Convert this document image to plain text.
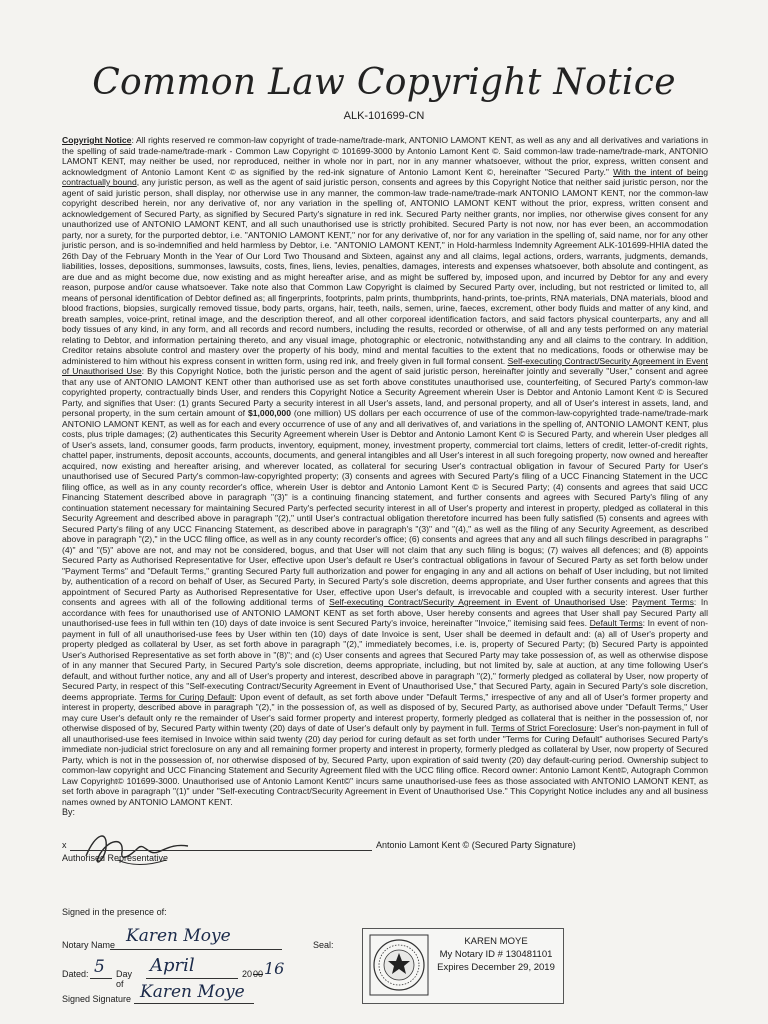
Common Law Copyright Notice
ALK-101699-CN
Copyright Notice: All rights reserved re common-law copyright of trade-name/trade-mark, ANTONIO LAMONT KENT, as well as any and all derivatives and variations in the spelling of said trade-name/trade-mark - Common Law Copyright © 101699-3000 by Antonio Lamont Kent ©. Said common-law trade-name/trade-mark, ANTONIO LAMONT KENT, may neither be used, nor reproduced, neither in whole nor in part, nor in any manner whatsoever, without the prior, express, written consent and acknowledgment of Antonio Lamont Kent © as signified by the red-ink signature of Antonio Lamont Kent ©, hereinafter "Secured Party." With the intent of being contractually bound, any juristic person, as well as the agent of said juristic person, consents and agrees by this Copyright Notice that neither said juristic person, nor the agent of said juristic person, shall display, nor otherwise use in any manner, the common-law trade-name/trade-mark ANTONIO LAMONT KENT, nor the common-law copyright described herein, nor any derivative of, nor any variation in the spelling of, ANTONIO LAMONT KENT without the prior, express, written consent and acknowledgement of Secured Party, as signified by Secured Party's signature in red ink. Secured Party neither grants, nor implies, nor otherwise gives consent for any unauthorized use of ANTONIO LAMONT KENT, and all such unauthorised use is strictly prohibited. Secured Party is not now, nor has ever been, an accommodation party, nor a surety, for the purported debtor, i.e. "ANTONIO LAMONT KENT," nor for any derivative of, nor for any variation in the spelling of, said name, nor for any other juristic person, and is so-indemnified and held harmless by Debtor, i.e. "ANTONIO LAMONT KENT," in Hold-harmless Indemnity Agreement ALK-101699-HHIA dated the 26th Day of the February Month in the Year of Our Lord Two Thousand and Sixteen, against any and all claims, legal actions, orders, warrants, judgments, demands, liabilities, losses, depositions, summonses, lawsuits, costs, fines, liens, levies, penalties, damages, interests and expenses whatsoever, both absolute and contingent, as are due and as might become due, now existing and as might hereafter arise, and as might be suffered by, imposed upon, and incurred by Debtor for any and every reason, purpose and/or cause whatsoever. Take note also that Common Law Copyright is claimed by Secured Party over, including, but not restricted or limited to, all means of personal identification of Debtor defined as; all fingerprints, footprints, palm prints, thumbprints, hand-prints, toe-prints, RNA materials, DNA materials, blood and blood fractions, biopsies, surgically removed tissue, body parts, organs, hair, teeth, nails, semen, urine, faeces, excrement, other body fluids and matter of any kind, and breath samples, voice-print, retinal image, and the description thereof, and all other corporeal identification factors, and said factors physical counterparts, any and all body tissues of any kind, in any form, and all records and record numbers, including the results, recorded or otherwise, of all and any tests performed on any material relating to Debtor, and information pertaining thereto, and any visual image, photographic or electronic, notwithstanding any and all claims to the contrary. In addition, Creditor retains absolute control and mastery over the property of his body, mind and mental faculties to the extent that no medications, foods or otherwise may be administered to him without his express consent in written form, using red ink, and freely given in full formal consent. Self-executing Contract/Security Agreement in Event of Unauthorised Use: By this Copyright Notice, both the juristic person and the agent of said juristic person, hereinafter jointly and severally "User," consent and agree that any use of ANTONIO LAMONT KENT other than authorised use as set forth above constitutes unauthorised use, counterfeiting, of Secured Party's common-law copyrighted property, contractually binds User, and renders this Copyright Notice a Security Agreement wherein User is Debtor and Antonio Lamont Kent © is Secured Party, and signifies that User: (1) grants Secured Party a security interest in all User's assets, land, and personal property, and all of User's interest in assets, land, and personal property, in the sum certain amount of $1,000,000 (one million) US dollars per each occurrence of use of the common-law-copyrighted trade-name/trade-mark ANTONIO LAMONT KENT, as well as for each and every occurrence of use of any and all derivatives of, and variations in the spelling of, ANTONIO LAMONT KENT, plus costs, plus triple damages; (2) authenticates this Security Agreement wherein User is Debtor and Antonio Lamont Kent © is Secured Party, and wherein User pledges all of User's assets, land, consumer goods, farm products, inventory, equipment, money, investment property, commercial tort claims, letters of credit, letter-of-credit rights, chattel paper, instruments, deposit accounts, accounts, documents, and general intangibles and all User's interest in all such foregoing property, now owned and hereafter acquired, now existing and hereafter arising, and wherever located, as collateral for securing User's contractual obligation in favour of Secured Party for User's unauthorised use of Secured Party's common-law-copyrighted property; (3) consents and agrees with Secured Party's filing of a UCC Financing Statement in the UCC filing office, as well as in any county recorder's office, wherein User is debtor and Antonio Lamont Kent © is Secured Party; (4) consents and agrees that said UCC Financing Statement described above in paragraph "(3)" is a continuing financing statement, and further consents and agrees with Secured Party's filing of any continuation statement necessary for maintaining Secured Party's perfected security interest in all of User's property and interest in property, pledged as collateral in this Security Agreement and described above in paragraph "(2)," until User's contractual obligation theretofore incurred has been fully satisfied (5) consents and agrees with Secured Party's filing of any UCC Financing Statement, as described above in paragraph's "(3)" and "(4)," as well as the filing of any Security Agreement, as described above in paragraph "(2)," in the UCC filing office, as well as in any county recorder's office; (6) consents and agrees that any and all such filings described in paragraphs "(4)" and "(5)" above are not, and may not be considered, bogus, and that User will not claim that any such filing is bogus; (7) waives all defences; and (8) appoints Secured Party as Authorised Representative for User, effective upon User's default re User's contractual obligations in favour of Secured Party as set forth below under "Payment Terms" and "Default Terms," granting Secured Party full authorization and power for engaging in any and all actions on behalf of User including, but not limited by, authentication of a record on behalf of User, as Secured Party, in Secured Party's sole discretion, deems appropriate, and User further consents and agrees that this appointment of Secured Party as Authorised Representative for User, effective upon User's default, is irrevocable and coupled with a security interest. User further consents and agrees with all of the following additional terms of Self-executing Contract/Security Agreement in Event of Unauthorised Use: Payment Terms: In accordance with fees for unauthorised use of ANTONIO LAMONT KENT as set forth above, User hereby consents and agrees that User shall pay Secured Party all unauthorised-use fees in full within ten (10) days of date invoice is sent Secured Party's invoice, hereinafter "Invoice," itemising said fees. Default Terms: In event of non-payment in full of all unauthorised-use fees by User within ten (10) days of date Invoice is sent, User shall be deemed in default and: (a) all of User's property and property pledged as collateral by User, as set forth above in paragraph "(2)," immediately becomes, i.e. is, property of Secured Party; (b) Secured Party is appointed User's Authorised Representative as set forth above in "(8)"; and (c) User consents and agrees that Secured Party may take possession of, as well as otherwise dispose of in any manner that Secured Party, in Secured Party's sole discretion, deems appropriate, including, but not limited by, sale at auction, at any time following User's default, and without further notice, any and all of User's property and interest, described above in paragraph "(2)," formerly pledged as collateral by User, now property of Secured Party, in respect of this "Self-executing Contract/Security Agreement in Event of Unauthorised Use," that Secured Party, again in Secured Party's sole discretion, deems appropriate. Terms for Curing Default: Upon event of default, as set forth above under "Default Terms," irrespective of any and all of User's former property and interest in property, described above in paragraph "(2)," in the possession of, as well as disposed of by, Secured Party, as authorised above under "Default Terms," User may cure User's default only re the remainder of User's said former property and interest property, formerly pledged as collateral that is neither in the possession of, nor otherwise disposed of by, Secured Party within twenty (20) days of date of User's default only by payment in full. Terms of Strict Foreclosure: User's non-payment in full of all unauthorised-use fees itemised in Invoice within said twenty (20) day period for curing default as set forth under "Terms for Curing Default" authorises Secured Party's immediate non-judicial strict foreclosure on any and all remaining former property and interest in property, formerly pledged as collateral by User, now property of Secured Party, which is not in the possession of, nor otherwise disposed of by, Secured Party, upon expiration of said twenty (20) day default-curing period. Ownership subject to common-law copyright and UCC Financing Statement and Security Agreement filed with the UCC filing office. Record owner: Antonio Lamont Kent©, Autograph Common Law Copyright© 101699-3000. Unauthorised use of Antonio Lamont Kent©" incurs same unauthorised-use fees as those associated with ANTONIO LAMONT KENT, as set forth above in paragraph "(1)" under "Self-executing Contract/Security Agreement in Event of Unauthorised Use." This Copyright Notice includes any and all business names owned by ANTONIO LAMONT KENT.
By:
x	Antonio Lamont Kent © (Secured Party Signature)
Authorised Representative
Signed in the presence of:
Notary Name Karen Moye
Dated: 5 Day of
April	20 00 16
Signed Signature Karen Moye
Seal:	KAREN MOYE
My Notary ID # 130481101
Expires December 29, 2019
